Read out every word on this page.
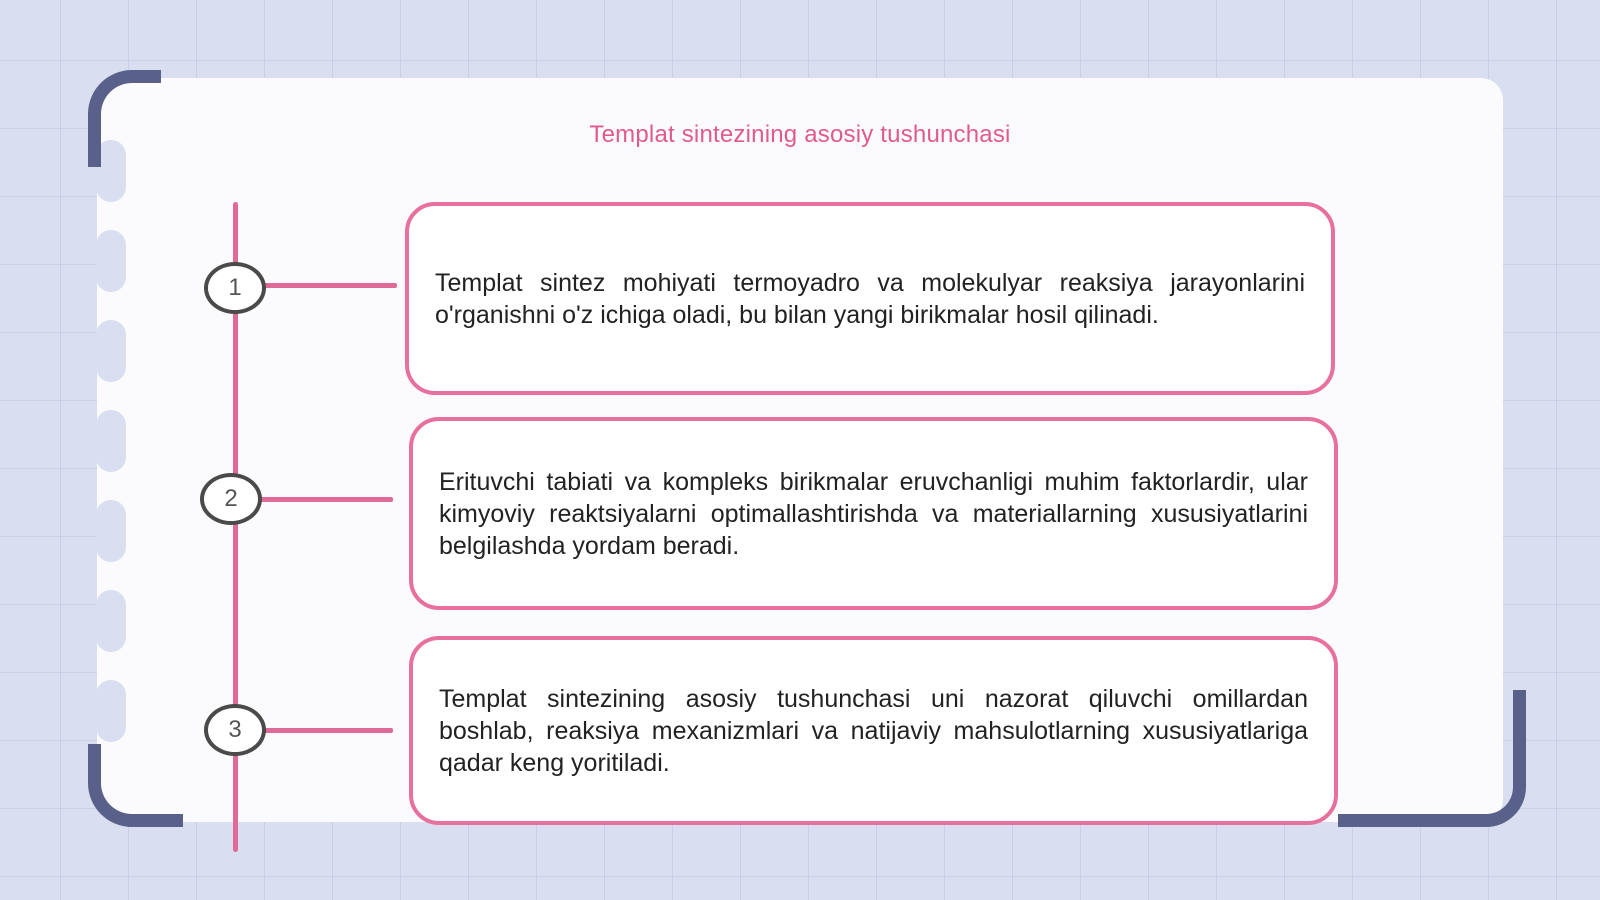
Templat sintezining asosiy tushunchasi
1	Templat sintez mohiyati termoyadro va molekulyar reaksiya jarayonlarini o'rganishni o'z ichiga oladi, bu bilan yangi birikmalar hosil qilinadi.

2

Erituvchi tabiati va kompleks birikmalar eruvchanligi muhim faktorlardir, ular kimyoviy reaktsiyalarni optimallashtirishda va materiallarning xususiyatlarini belgilashda yordam beradi.

3

Templat sintezining asosiy tushunchasi uni nazorat qiluvchi omillardan boshlab, reaksiya mexanizmlari va natijaviy mahsulotlarning xususiyatlariga qadar keng yoritiladi.
